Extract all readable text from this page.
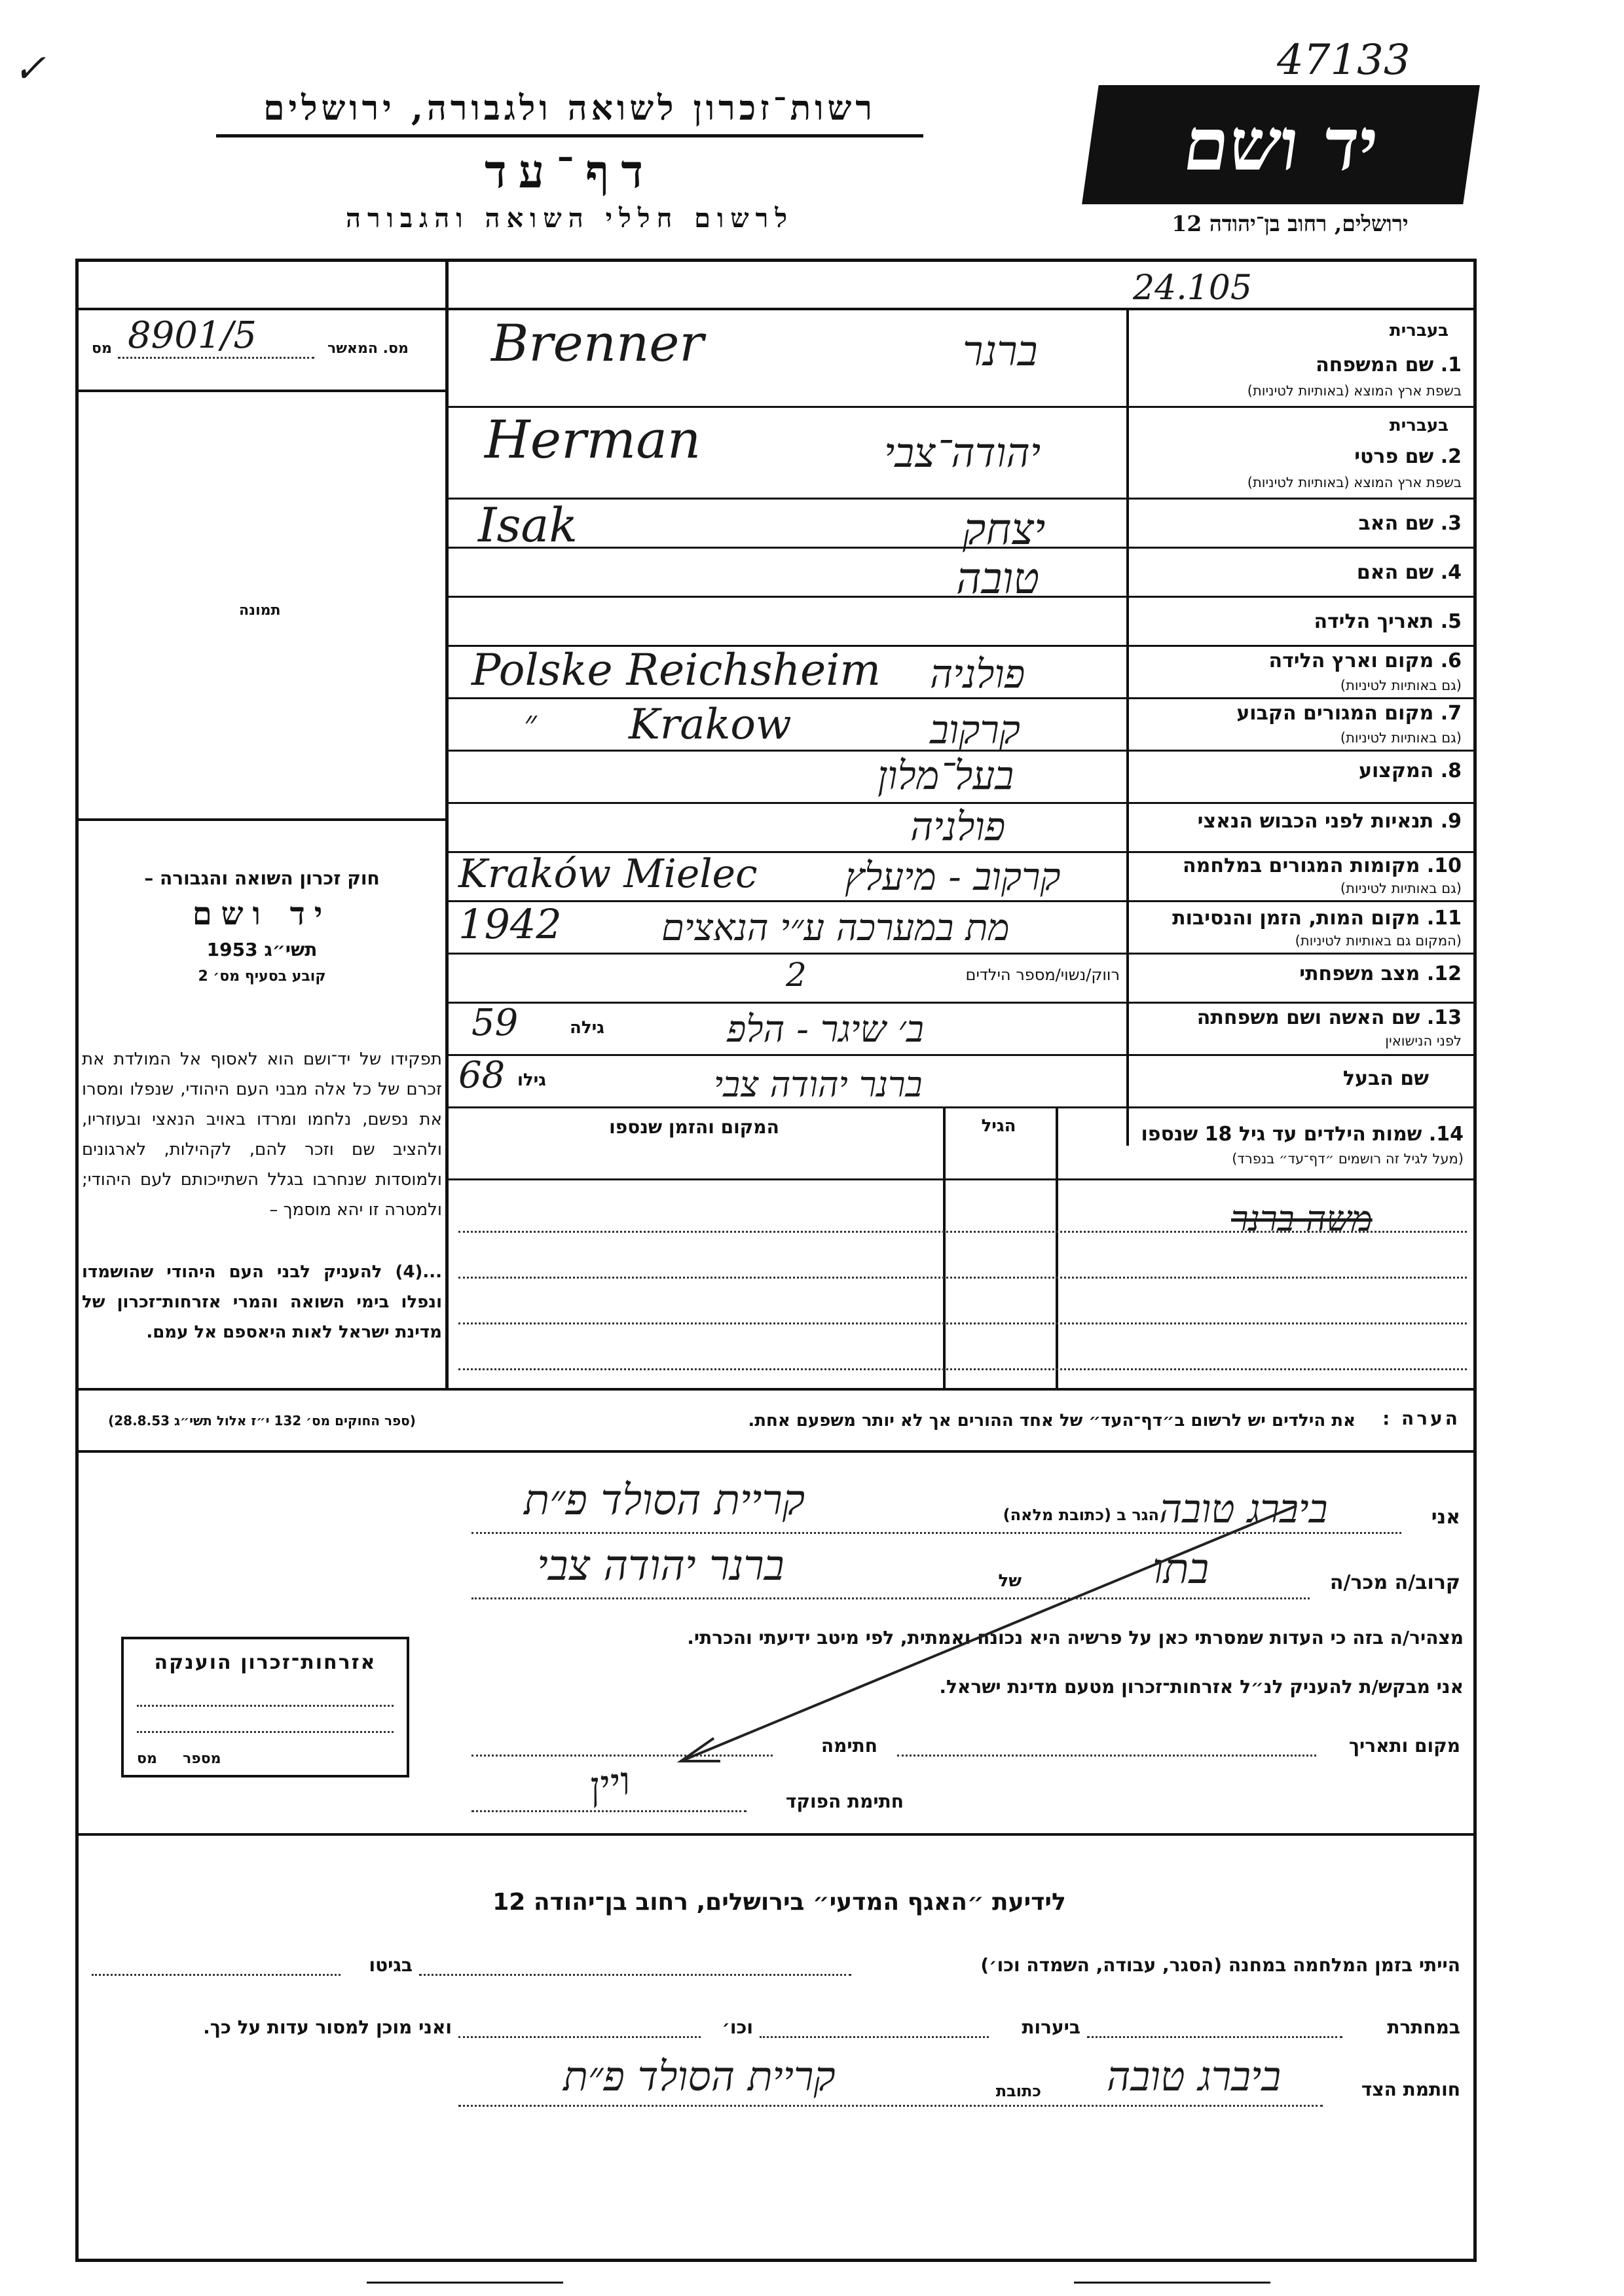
47133
✓
רשות־זכרון לשואה ולגבורה, ירושלים
דף־עד
לרשום חללי השואה והגבורה
יד ושם
ירושלים, רחוב בן־יהודה 12
24.105
8901/5
מס	מס. המאשר
תמונה
חוק זכרון השואה והגבורה –
יד ושם
תשי״ג 1953
קובע בסעיף מס׳ 2
תפקידו של יד־ושם הוא לאסוף אל המולדת את זכרם של כל אלה מבני העם היהודי, שנפלו ומסרו את נפשם, נלחמו ומרדו באויב הנאצי ובעוזריו, ולהציב שם וזכר להם, לקהילות, לארגונים ולמוסדות שנחרבו בגלל השתייכותם לעם היהודי; ולמטרה זו יהא מוסמך –
...(4) להעניק לבני העם היהודי שהושמדו ונפלו בימי השואה והמרי אזרחות־זכרון של מדינת ישראל לאות היאספם אל עמם.
(ספר החוקים מס׳ 132 י״ז אלול תשי״ג 28.8.53)
בעברית
1. שם המשפחה
בשפת ארץ המוצא (באותיות לטיניות)
Brenner	ברנר
בעברית
2. שם פרטי
בשפת ארץ המוצא (באותיות לטיניות)
Herman	יהודה־צבי
3. שם האב
Isak	יצחק
4. שם האם
טובה
5. תאריך הלידה
6. מקום וארץ הלידה
(גם באותיות לטיניות)
Polske Reichsheim פולניה
7. מקום המגורים הקבוע
(גם באותיות לטיניות)
״ Krakow	קרקוב
8. המקצוע
בעל־מלון
9. תנאיות לפני הכבוש הנאצי
פולניה
10. מקומות המגורים במלחמה
(גם באותיות לטיניות)
Kraków Mielec קרקוב - מיעלץ
11. מקום המות, הזמן והנסיבות
(המקום גם באותיות לטיניות)
1942	מת במערכה ע״י הנאצים
12. מצב משפחתי
רווק/נשוי/מספר הילדים
2
13. שם האשה ושם משפחתה
לפני הנישואין
גילה
59	ב׳ שיגר - הלפ
שם הבעל
גילו
68	ברנר יהודה צבי
14. שמות הילדים עד גיל 18 שנספו
(מעל לגיל זה רושמים ״דף־עד״ בנפרד)
הגיל
המקום והזמן שנספו
משה ברנר
הערה :
את הילדים יש לרשום ב״דף־העד״ של אחד ההורים אך לא יותר משפעם אחת.
אני
ביברג טובה
הגר ב (כתובת מלאה)
קריית הסולד פ״ת
קרוב/ה מכר/ה
בתו
של
ברנר יהודה צבי
מצהיר/ה בזה כי העדות שמסרתי כאן על פרשיה היא נכונה ואמתית, לפי מיטב ידיעתי והכרתי.
אני מבקש/ת להעניק לנ״ל אזרחות־זכרון מטעם מדינת ישראל.
מקום ותאריך
חתימה
חתימת הפוקד
ויין
אזרחות־זכרון הוענקה
מס מספר
לידיעת ״האגף המדעי״ בירושלים, רחוב בן־יהודה 12
הייתי בזמן המלחמה במחנה (הסגר, עבודה, השמדה וכו׳)
בגיטו
במחתרת
ביערות
וכו׳
ואני מוכן למסור עדות על כך.
חותמת הצד
ביברג טובה
כתובת
קריית הסולד פ״ת
